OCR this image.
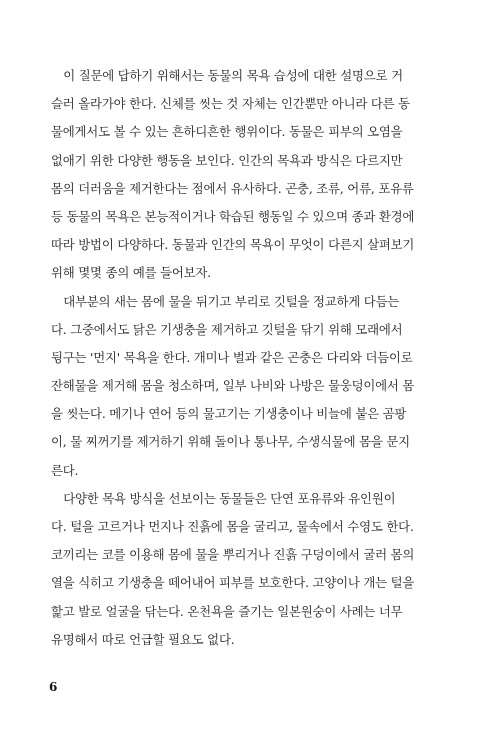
　이 질문에 답하기 위해서는 동물의 목욕 습성에 대한 설명으로 거
슬러 올라가야 한다. 신체를 씻는 것 자체는 인간뿐만 아니라 다른 동
물에게서도 볼 수 있는 흔하디흔한 행위이다. 동물은 피부의 오염을
없애기 위한 다양한 행동을 보인다. 인간의 목욕과 방식은 다르지만
몸의 더러움을 제거한다는 점에서 유사하다. 곤충, 조류, 어류, 포유류
등 동물의 목욕은 본능적이거나 학습된 행동일 수 있으며 종과 환경에
따라 방법이 다양하다. 동물과 인간의 목욕이 무엇이 다른지 살펴보기
위해 몇몇 종의 예를 들어보자.
　대부분의 새는 몸에 물을 뒤기고 부리로 깃털을 정교하게 다듬는
다. 그중에서도 닭은 기생충을 제거하고 깃털을 닦기 위해 모래에서
뒹구는 '먼지' 목욕을 한다. 개미나 벌과 같은 곤충은 다리와 더듬이로
잔해물을 제거해 몸을 청소하며, 일부 나비와 나방은 물웅덩이에서 몸
을 씻는다. 메기나 연어 등의 물고기는 기생충이나 비늘에 붙은 곰팡
이, 물 찌꺼기를 제거하기 위해 돌이나 통나무, 수생식물에 몸을 문지
른다.
　다양한 목욕 방식을 선보이는 동물들은 단연 포유류와 유인원이
다. 털을 고르거나 먼지나 진흙에 몸을 굴리고, 물속에서 수영도 한다.
코끼리는 코를 이용해 몸에 물을 뿌리거나 진흙 구덩이에서 굴러 몸의
열을 식히고 기생충을 떼어내어 피부를 보호한다. 고양이나 개는 털을
핥고 발로 얼굴을 닦는다. 온천욕을 즐기는 일본원숭이 사례는 너무
유명해서 따로 언급할 필요도 없다.
6
